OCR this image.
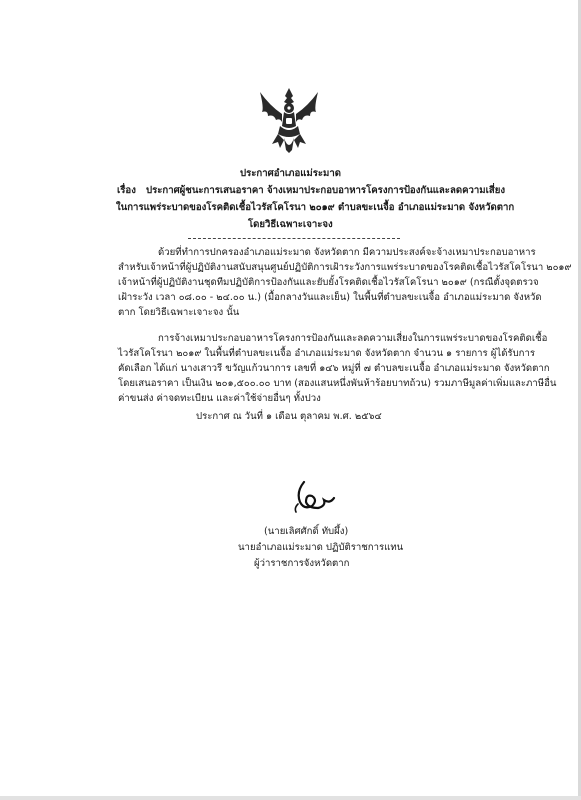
ประกาศอำเภอแม่ระมาด
เรื่อง ประกาศผู้ชนะการเสนอราคา จ้างเหมาประกอบอาหารโครงการป้องกันและลดความเสี่ยง
ในการแพร่ระบาดของโรคติดเชื้อไวรัสโคโรนา ๒๐๑๙ ตำบลขะเนจื้อ อำเภอแม่ระมาด จังหวัดตาก
โดยวิธีเฉพาะเจาะจง
ด้วยที่ทำการปกครองอำเภอแม่ระมาด จังหวัดตาก มีความประสงค์จะจ้างเหมาประกอบอาหาร
สำหรับเจ้าหน้าที่ผู้ปฏิบัติงานสนับสนุนศูนย์ปฏิบัติการเฝ้าระวังการแพร่ระบาดของโรคติดเชื้อไวรัสโคโรนา ๒๐๑๙
เจ้าหน้าที่ผู้ปฏิบัติงานชุดทีมปฏิบัติการป้องกันและยับยั้งโรคติดเชื้อไวรัสโคโรนา ๒๐๑๙ (กรณีตั้งจุดตรวจ
เฝ้าระวัง เวลา ๐๘.๐๐ - ๒๔.๐๐ น.) (มื้อกลางวันและเย็น) ในพื้นที่ตำบลขะเนจื้อ อำเภอแม่ระมาด จังหวัด
ตาก โดยวิธีเฉพาะเจาะจง นั้น
การจ้างเหมาประกอบอาหารโครงการป้องกันและลดความเสี่ยงในการแพร่ระบาดของโรคติดเชื้อ
ไวรัสโคโรนา ๒๐๑๙ ในพื้นที่ตำบลขะเนจื้อ อำเภอแม่ระมาด จังหวัดตาก จำนวน ๑ รายการ ผู้ได้รับการ
คัดเลือก ได้แก่ นางเสาวรี ขวัญแก้วนาการ เลขที่ ๑๔๖ หมู่ที่ ๗ ตำบลขะเนจื้อ อำเภอแม่ระมาด จังหวัดตาก
โดยเสนอราคา เป็นเงิน ๒๐๑,๕๐๐.๐๐ บาท (สองแสนหนึ่งพันห้าร้อยบาทถ้วน) รวมภาษีมูลค่าเพิ่มและภาษีอื่น
ค่าขนส่ง ค่าจดทะเบียน และค่าใช้จ่ายอื่นๆ ทั้งปวง
ประกาศ ณ วันที่ ๑ เดือน ตุลาคม พ.ศ. ๒๕๖๔
(นายเลิศศักดิ์ ทับผึ้ง)
นายอำเภอแม่ระมาด ปฏิบัติราชการแทน
ผู้ว่าราชการจังหวัดตาก
